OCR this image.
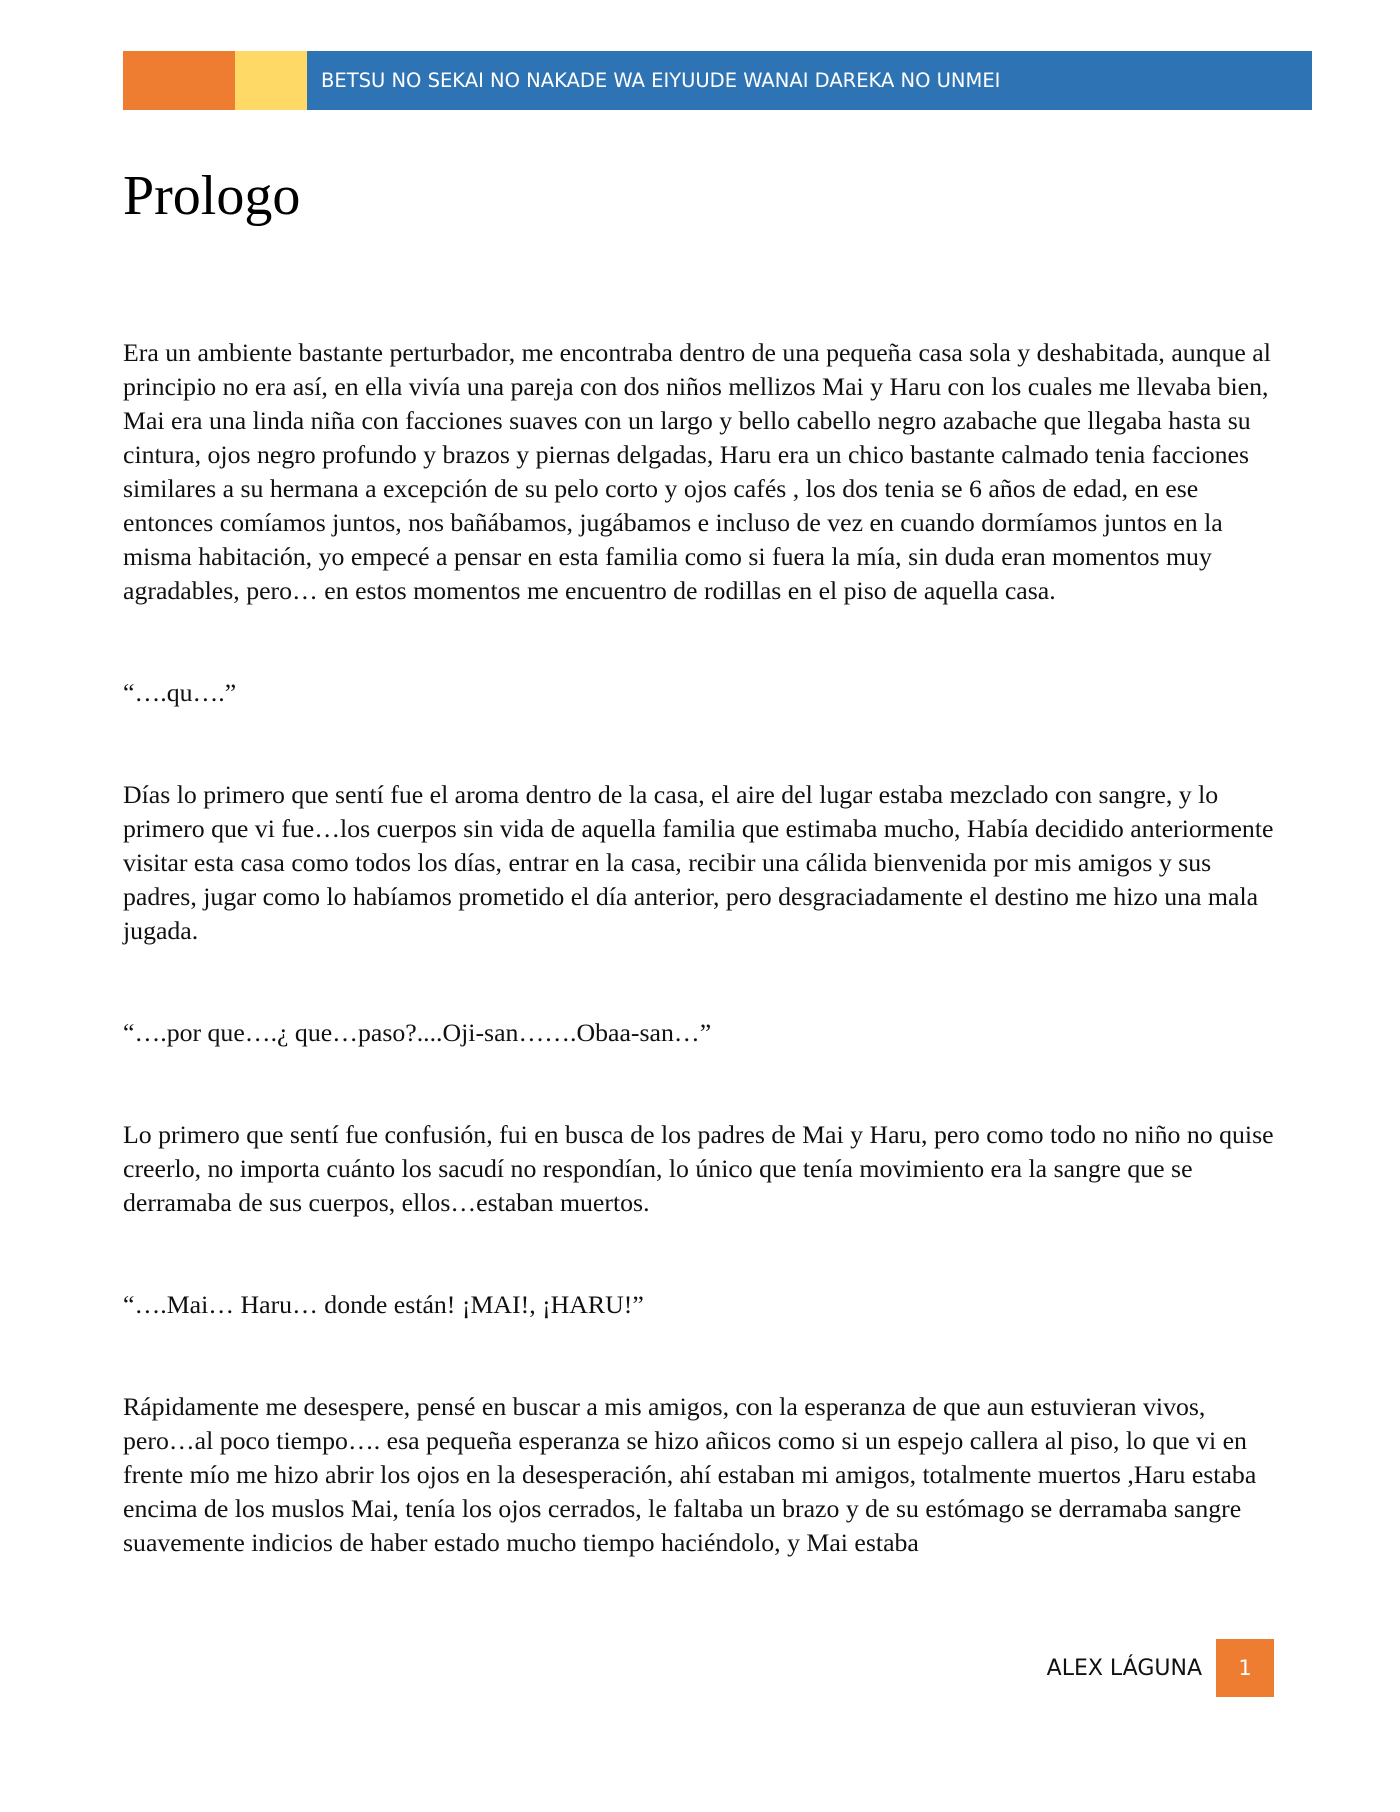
BETSU NO SEKAI NO NAKADE WA EIYUUDE WANAI DAREKA NO UNMEI
Prologo

Era un ambiente bastante perturbador, me encontraba dentro de una pequeña casa sola y deshabitada, aunque al principio no era así, en ella vivía una pareja con dos niños mellizos Mai y Haru con los cuales me llevaba bien, Mai era una linda niña con facciones suaves con un largo y bello cabello negro azabache que llegaba hasta su cintura, ojos negro profundo y brazos y piernas delgadas, Haru era un chico bastante calmado tenia facciones similares a su hermana a excepción de su pelo corto y ojos cafés , los dos tenia se 6 años de edad, en ese entonces comíamos juntos, nos bañábamos, jugábamos e incluso de vez en cuando dormíamos juntos en la misma habitación, yo empecé a pensar en esta familia como si fuera la mía, sin duda eran momentos muy agradables, pero… en estos momentos me encuentro de rodillas en el piso de aquella casa.

“….qu….”

Días lo primero que sentí fue el aroma dentro de la casa, el aire del lugar estaba mezclado con sangre, y lo primero que vi fue…los cuerpos sin vida de aquella familia que estimaba mucho, Había decidido anteriormente visitar esta casa como todos los días, entrar en la casa, recibir una cálida bienvenida por mis amigos y sus padres, jugar como lo habíamos prometido el día anterior, pero desgraciadamente el destino me hizo una mala jugada.

“….por que….¿ que…paso?....Oji-san…….Obaa-san…”

Lo primero que sentí fue confusión, fui en busca de los padres de Mai y Haru, pero como todo no niño no quise creerlo, no importa cuánto los sacudí no respondían, lo único que tenía movimiento era la sangre que se derramaba de sus cuerpos, ellos…estaban muertos.

“….Mai… Haru… donde están! ¡MAI!, ¡HARU!”

Rápidamente me desespere, pensé en buscar a mis amigos, con la esperanza de que aun estuvieran vivos, pero…al poco tiempo…. esa pequeña esperanza se hizo añicos como si un espejo callera al piso, lo que vi en frente mío me hizo abrir los ojos en la desesperación, ahí estaban mi amigos, totalmente muertos ,Haru estaba encima de los muslos Mai, tenía los ojos cerrados, le faltaba un brazo y de su estómago se derramaba sangre suavemente indicios de haber estado mucho tiempo haciéndolo, y Mai estaba

ALEX LÁGUNA	1
